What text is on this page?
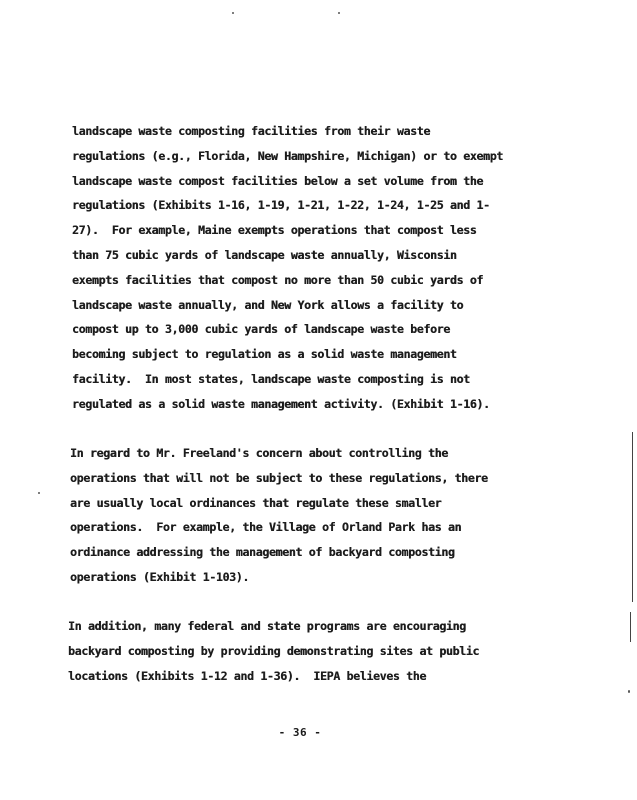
landscape waste composting facilities from their waste
regulations (e.g., Florida, New Hampshire, Michigan) or to exempt
landscape waste compost facilities below a set volume from the
regulations (Exhibits 1-16, 1-19, 1-21, 1-22, 1-24, 1-25 and 1-
27).  For example, Maine exempts operations that compost less
than 75 cubic yards of landscape waste annually, Wisconsin
exempts facilities that compost no more than 50 cubic yards of
landscape waste annually, and New York allows a facility to
compost up to 3,000 cubic yards of landscape waste before
becoming subject to regulation as a solid waste management
facility.  In most states, landscape waste composting is not
regulated as a solid waste management activity. (Exhibit 1-16).
In regard to Mr. Freeland's concern about controlling the
operations that will not be subject to these regulations, there
are usually local ordinances that regulate these smaller
operations.  For example, the Village of Orland Park has an
ordinance addressing the management of backyard composting
operations (Exhibit 1-103).
In addition, many federal and state programs are encouraging
backyard composting by providing demonstrating sites at public
locations (Exhibits 1-12 and 1-36).  IEPA believes the
- 36 -
